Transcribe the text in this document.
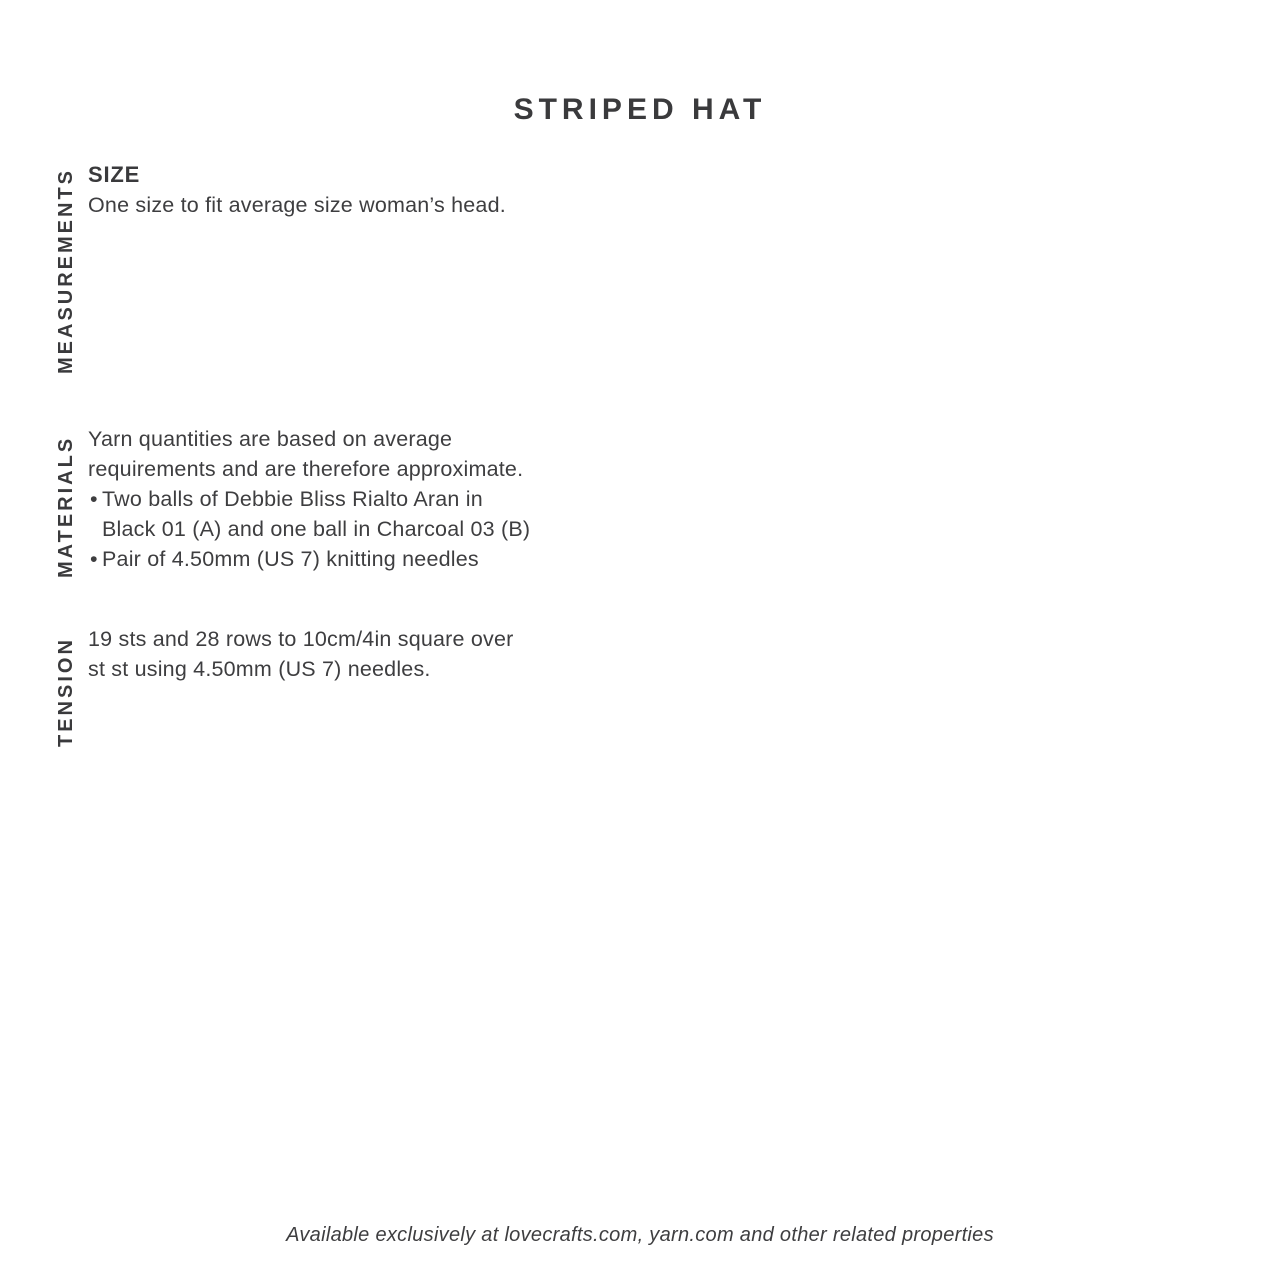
STRIPED HAT
MEASUREMENTS SIZE
One size to fit average size woman’s head.
MATERIALS Yarn quantities are based on average
requirements and are therefore approximate.
• Two balls of Debbie Bliss Rialto Aran in
Black 01 (A) and one ball in Charcoal 03 (B)
• Pair of 4.50mm (US 7) knitting needles
TENSION 19 sts and 28 rows to 10cm/4in square over
st st using 4.50mm (US 7) needles.
Available exclusively at lovecrafts.com, yarn.com and other related properties
